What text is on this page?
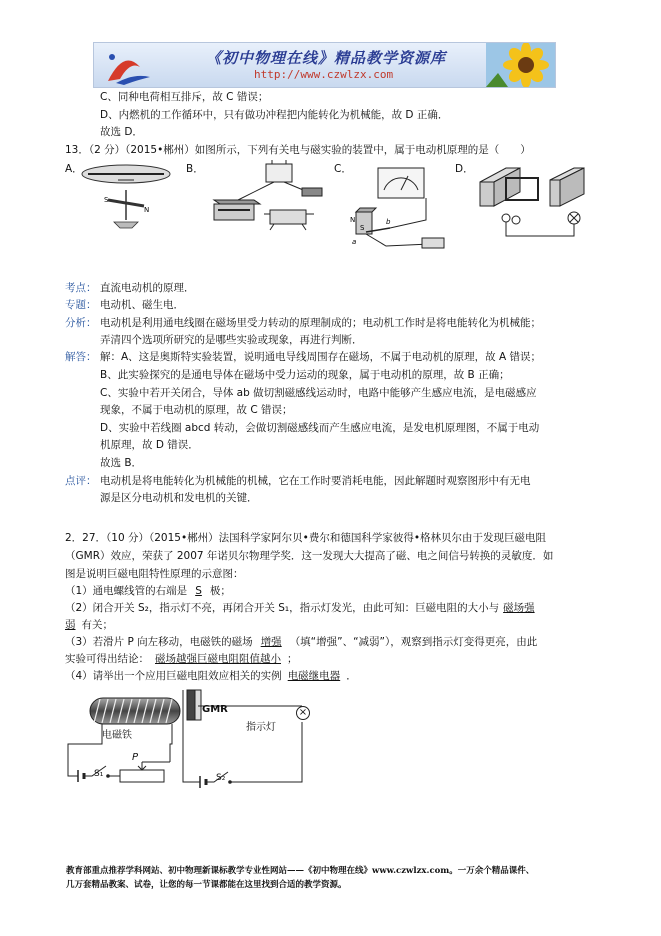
《初中物理在线》精品教学资源库
http://www.czwlzx.com
C、同种电荷相互排斥，故 C 错误；
D、内燃机的工作循环中，只有做功冲程把内能转化为机械能，故 D 正确．
故选 D．
13．（2 分）（2015•郴州）如图所示，下列有关电与磁实验的装置中，属于电动机原理的是（　　）
A．	B．	C．	D．
S
N
S
N
a
b
考点： 直流电动机的原理．
专题： 电动机、磁生电．
分析： 电动机是利用通电线圈在磁场里受力转动的原理制成的；电动机工作时是将电能转化为机械能；
弄清四个选项所研究的是哪些实验或现象，再进行判断．
解答： 解：A、这是奥斯特实验装置，说明通电导线周围存在磁场，不属于电动机的原理，故 A 错误；
B、此实验探究的是通电导体在磁场中受力运动的现象，属于电动机的原理，故 B 正确；
C、实验中若开关闭合，导体 ab 做切割磁感线运动时，电路中能够产生感应电流，是电磁感应
现象，不属于电动机的原理，故 C 错误；
D、实验中若线圈 abcd 转动，会做切割磁感线而产生感应电流，是发电机原理图，不属于电动
机原理，故 D 错误．
故选 B．
点评： 电动机是将电能转化为机械能的机械，它在工作时要消耗电能，因此解题时观察图形中有无电
源是区分电动机和发电机的关键．
2．27．（10 分）（2015•郴州）法国科学家阿尔贝•费尔和德国科学家彼得•格林贝尔由于发现巨磁电阻
（GMR）效应，荣获了 2007 年诺贝尔物理学奖．这一发现大大提高了磁、电之间信号转换的灵敏度．如
图是说明巨磁电阻特性原理的示意图：
（1）通电螺线管的右端是 S 极；
（2）闭合开关 S₂，指示灯不亮，再闭合开关 S₁，指示灯发光，由此可知：巨磁电阻的大小与 磁场强
弱 有关；
（3）若滑片 P 向左移动，电磁铁的磁场 增强 （填“增强”、“减弱”），观察到指示灯变得更亮，由此
实验可得出结论： 磁场越强巨磁电阻阻值越小 ；
（4）请举出一个应用巨磁电阻效应相关的实例 电磁继电器 ．
×
电磁铁
GMR
指示灯
P
S₁	S₂
教育部重点推荐学科网站、初中物理新课标教学专业性网站——《初中物理在线》www.czwlzx.com。一万余个精品课件、
几万套精品教案、试卷，让您的每一节课都能在这里找到合适的教学资源。
